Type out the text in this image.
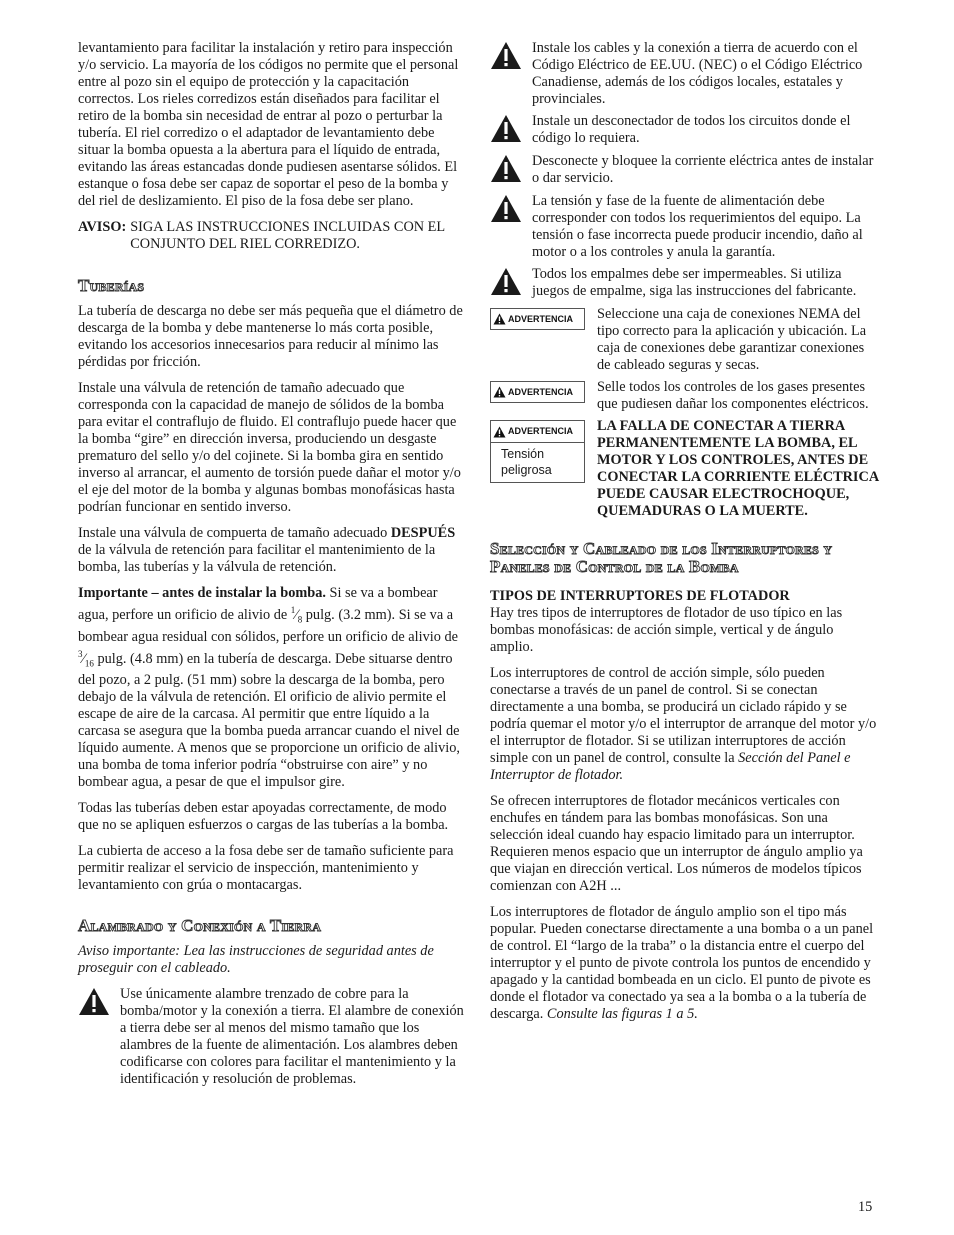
levantamiento para facilitar la instalación y retiro para inspección y/o servicio. La mayoría de los códigos no permite que el personal entre al pozo sin el equipo de protección y la capacitación correctos. Los rieles corredizos están diseñados para facilitar el retiro de la bomba sin necesidad de entrar al pozo o perturbar la tubería. El riel corredizo o el adaptador de levantamiento debe situar la bomba opuesta a la abertura para el líquido de entrada, evitando las áreas estancadas donde pudiesen asentarse sólidos. El estanque o fosa debe ser capaz de soportar el peso de la bomba y del riel de deslizamiento. El piso de la fosa debe ser plano.

AVISO: SIGA LAS INSTRUCCIONES INCLUIDAS CON EL CONJUNTO DEL RIEL CORREDIZO.
Tuberías

La tubería de descarga no debe ser más pequeña que el diámetro de descarga de la bomba y debe mantenerse lo más corta posible, evitando los accesorios innecesarios para reducir al mínimo las pérdidas por fricción.

Instale una válvula de retención de tamaño adecuado que corresponda con la capacidad de manejo de sólidos de la bomba para evitar el contraflujo de fluido. El contraflujo puede hacer que la bomba “gire” en dirección inversa, produciendo un desgaste prematuro del sello y/o del cojinete. Si la bomba gira en sentido inverso al arrancar, el aumento de torsión puede dañar el motor y/o el eje del motor de la bomba y algunas bombas monofásicas hasta podrían funcionar en sentido inverso.

Instale una válvula de compuerta de tamaño adecuado DESPUÉS de la válvula de retención para facilitar el mantenimiento de la bomba, las tuberías y la válvula de retención.

Importante – antes de instalar la bomba. Si se va a bombear agua, perfore un orificio de alivio de $^1⁄_8$ pulg. (3.2 mm). Si se va a bombear agua residual con sólidos, perfore un orificio de alivio de $^3⁄_{16}$ pulg. (4.8 mm) en la tubería de descarga. Debe situarse dentro del pozo, a 2 pulg. (51 mm) sobre la descarga de la bomba, pero debajo de la válvula de retención. El orificio de alivio permite el escape de aire de la carcasa. Al permitir que entre líquido a la carcasa se asegura que la bomba pueda arrancar cuando el nivel de líquido aumente. A menos que se proporcione un orificio de alivio, una bomba de toma inferior podría “obstruirse con aire” y no bombear agua, a pesar de que el impulsor gire.

Todas las tuberías deben estar apoyadas correctamente, de modo que no se apliquen esfuerzos o cargas de las tuberías a la bomba.

La cubierta de acceso a la fosa debe ser de tamaño suficiente para permitir realizar el servicio de inspección, mantenimiento y levantamiento con grúa o montacargas.

Alambrado y Conexión a Tierra

Aviso importante: Lea las instrucciones de seguridad antes de proseguir con el cableado.

Use únicamente alambre trenzado de cobre para la bomba/motor y la conexión a tierra. El alambre de conexión a tierra debe ser al menos del mismo tamaño que los alambres de la fuente de alimentación. Los alambres deben codificarse con colores para facilitar el mantenimiento y la identificación y resolución de problemas.
Instale los cables y la conexión a tierra de acuerdo con el Código Eléctrico de EE.UU. (NEC) o el Código Eléctrico Canadiense, además de los códigos locales, estatales y provinciales.
Instale un desconectador de todos los circuitos donde el código lo requiera.
Desconecte y bloquee la corriente eléctrica antes de instalar o dar servicio.
La tensión y fase de la fuente de alimentación debe corresponder con todos los requerimientos del equipo. La tensión o fase incorrecta puede producir incendio, daño al motor o a los controles y anula la garantía.
Todos los empalmes debe ser impermeables. Si utiliza juegos de empalme, siga las instrucciones del fabricante.
ADVERTENCIA Seleccione una caja de conexiones NEMA del tipo correcto para la aplicación y ubicación. La caja de conexiones debe garantizar conexiones de cableado seguras y secas.
ADVERTENCIA Selle todos los controles de los gases presentes que pudiesen dañar los componentes eléctricos.
ADVERTENCIA
Tensión peligrosa
LA FALLA DE CONECTAR A TIERRA PERMANENTEMENTE LA BOMBA, EL MOTOR Y LOS CONTROLES, ANTES DE CONECTAR LA CORRIENTE ELÉCTRICA PUEDE CAUSAR ELECTROCHOQUE, QUEMADURAS O LA MUERTE.
Selección y Cableado de los Interruptores y Paneles de Control de la Bomba
TIPOS DE INTERRUPTORES DE FLOTADOR

Hay tres tipos de interruptores de flotador de uso típico en las bombas monofásicas: de acción simple, vertical y de ángulo amplio.

Los interruptores de control de acción simple, sólo pueden conectarse a través de un panel de control. Si se conectan directamente a una bomba, se producirá un ciclado rápido y se podría quemar el motor y/o el interruptor de arranque del motor y/o el interruptor de flotador. Si se utilizan interruptores de acción simple con un panel de control, consulte la Sección del Panel e Interruptor de flotador.

Se ofrecen interruptores de flotador mecánicos verticales con enchufes en tándem para las bombas monofásicas. Son una selección ideal cuando hay espacio limitado para un interruptor. Requieren menos espacio que un interruptor de ángulo amplio ya que viajan en dirección vertical. Los números de modelos típicos comienzan con A2H ...

Los interruptores de flotador de ángulo amplio son el tipo más popular. Pueden conectarse directamente a una bomba o a un panel de control. El “largo de la traba” o la distancia entre el cuerpo del interruptor y el punto de pivote controla los puntos de encendido y apagado y la cantidad bombeada en un ciclo. El punto de pivote es donde el flotador va conectado ya sea a la bomba o a la tubería de descarga. Consulte las figuras 1 a 5.

15
